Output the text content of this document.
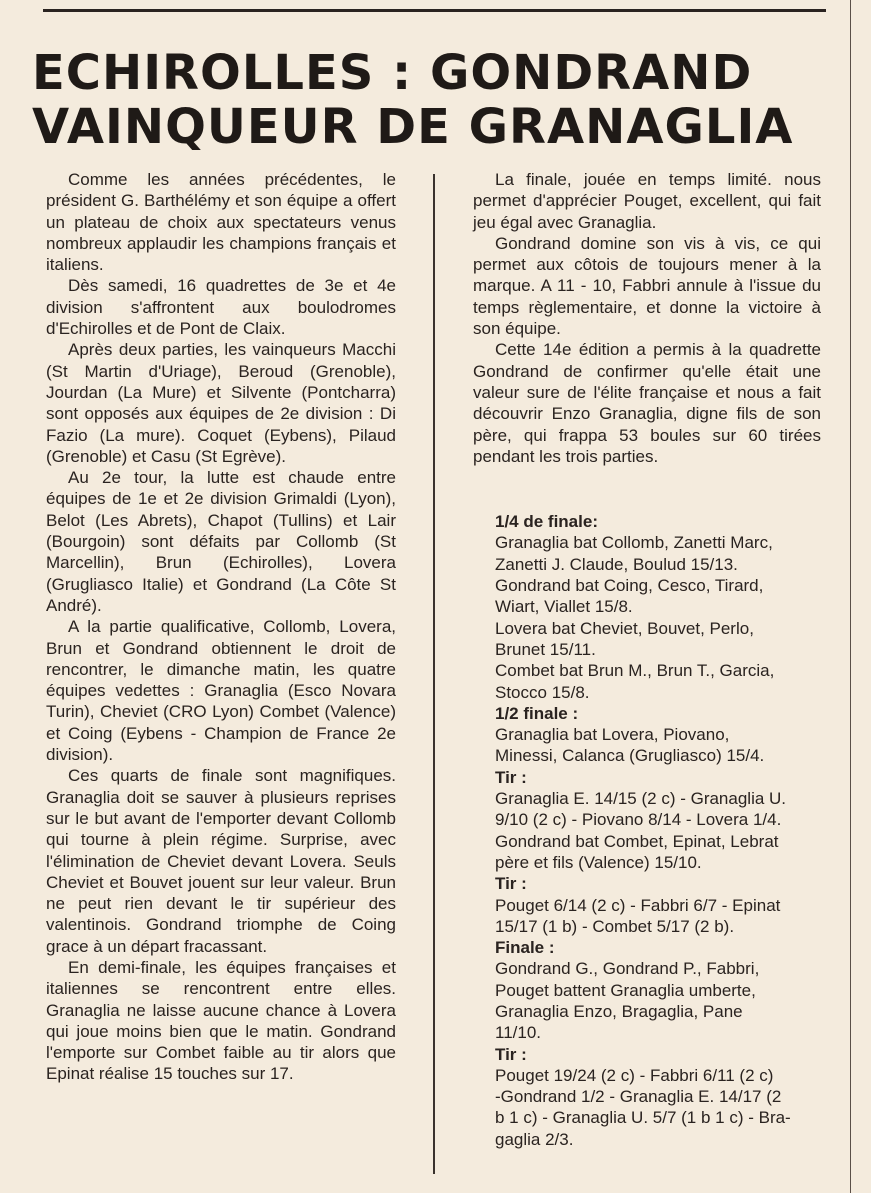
ECHIROLLES : GONDRAND
VAINQUEUR DE GRANAGLIA

Comme les années précédentes, le président G. Barthélémy et son équipe a offert un plateau de choix aux spectateurs venus nombreux applaudir les champions français et italiens.

Dès samedi, 16 quadrettes de 3e et 4e division s'affrontent aux boulodromes d'Echirolles et de Pont de Claix.

Après deux parties, les vainqueurs Macchi (St Martin d'Uriage), Beroud (Grenoble), Jourdan (La Mure) et Silvente (Pontcharra) sont opposés aux équipes de 2e division : Di Fazio (La mure). Coquet (Eybens), Pilaud (Grenoble) et Casu (St Egrève).

Au 2e tour, la lutte est chaude entre équipes de 1e et 2e division Grimaldi (Lyon), Belot (Les Abrets), Chapot (Tullins) et Lair (Bourgoin) sont défaits par Collomb (St Marcellin), Brun (Echirolles), Lovera (Grugliasco Italie) et Gondrand (La Côte St André).

A la partie qualificative, Collomb, Lovera, Brun et Gondrand obtiennent le droit de rencontrer, le dimanche matin, les quatre équipes vedettes : Granaglia (Esco Novara Turin), Cheviet (CRO Lyon) Combet (Valence) et Coing (Eybens - Champion de France 2e division).

Ces quarts de finale sont magnifiques. Granaglia doit se sauver à plusieurs reprises sur le but avant de l'emporter devant Collomb qui tourne à plein régime. Surprise, avec l'élimination de Cheviet devant Lovera. Seuls Cheviet et Bouvet jouent sur leur valeur. Brun ne peut rien devant le tir supérieur des valentinois. Gondrand triomphe de Coing grace à un départ fracassant.

En demi-finale, les équipes françaises et italiennes se rencontrent entre elles. Granaglia ne laisse aucune chance à Lovera qui joue moins bien que le matin. Gondrand l'emporte sur Combet faible au tir alors que Epinat réalise 15 touches sur 17.

La finale, jouée en temps limité. nous permet d'apprécier Pouget, excellent, qui fait jeu égal avec Granaglia.

Gondrand domine son vis à vis, ce qui permet aux côtois de toujours mener à la marque. A 11 - 10, Fabbri annule à l'issue du temps règlementaire, et donne la victoire à son équipe.

Cette 14e édition a permis à la quadrette Gondrand de confirmer qu'elle était une valeur sure de l'élite française et nous a fait découvrir Enzo Granaglia, digne fils de son père, qui frappa 53 boules sur 60 tirées pendant les trois parties.

1/4 de finale:

Granaglia bat Collomb, Zanetti Marc,

Zanetti J. Claude, Boulud 15/13.

Gondrand bat Coing, Cesco, Tirard,

Wiart, Viallet 15/8.

Lovera bat Cheviet, Bouvet, Perlo,

Brunet 15/11.

Combet bat Brun M., Brun T., Garcia,

Stocco 15/8.

1/2 finale :

Granaglia bat Lovera, Piovano,

Minessi, Calanca (Grugliasco) 15/4.

Tir :

Granaglia E. 14/15 (2 c) - Granaglia U.

9/10 (2 c) - Piovano 8/14 - Lovera 1/4.

Gondrand bat Combet, Epinat, Lebrat

père et fils (Valence) 15/10.

Tir :

Pouget 6/14 (2 c) - Fabbri 6/7 - Epinat

15/17 (1 b) - Combet 5/17 (2 b).

Finale :

Gondrand G., Gondrand P., Fabbri,

Pouget battent Granaglia umberte,

Granaglia Enzo, Bragaglia, Pane

11/10.

Tir :

Pouget 19/24 (2 c) - Fabbri 6/11 (2 c)

-Gondrand 1/2 - Granaglia E. 14/17 (2

b 1 c) - Granaglia U. 5/7 (1 b 1 c) - Bra-

gaglia 2/3.
